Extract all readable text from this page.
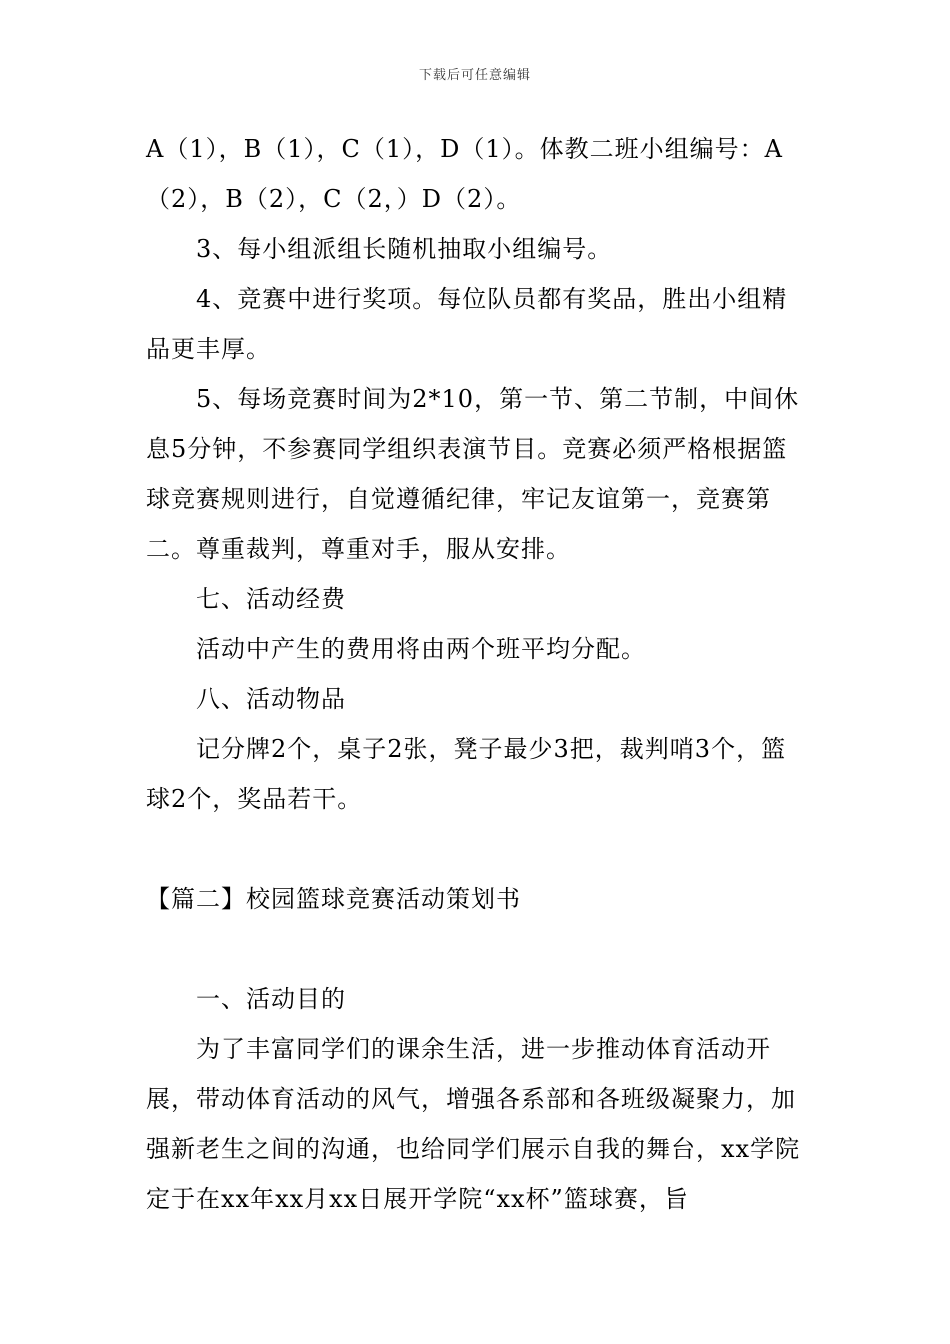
下载后可任意编辑

A（1），B（1），C（1），D（1）。体教二班小组编号：A（2），B（2），C（2，）D（2）。

3、每小组派组长随机抽取小组编号。

4、竞赛中进行奖项。每位队员都有奖品，胜出小组精品更丰厚。

5、每场竞赛时间为2*10，第一节、第二节制，中间休息5分钟，不参赛同学组织表演节目。竞赛必须严格根据篮球竞赛规则进行，自觉遵循纪律，牢记友谊第一，竞赛第二。尊重裁判，尊重对手，服从安排。

七、活动经费

活动中产生的费用将由两个班平均分配。

八、活动物品

记分牌2个，桌子2张，凳子最少3把，裁判哨3个，篮球2个，奖品若干。

【篇二】校园篮球竞赛活动策划书

一、活动目的

为了丰富同学们的课余生活，进一步推动体育活动开展，带动体育活动的风气，增强各系部和各班级凝聚力，加强新老生之间的沟通，也给同学们展示自我的舞台，xx学院定于在xx年xx月xx日展开学院“xx杯”篮球赛，旨
